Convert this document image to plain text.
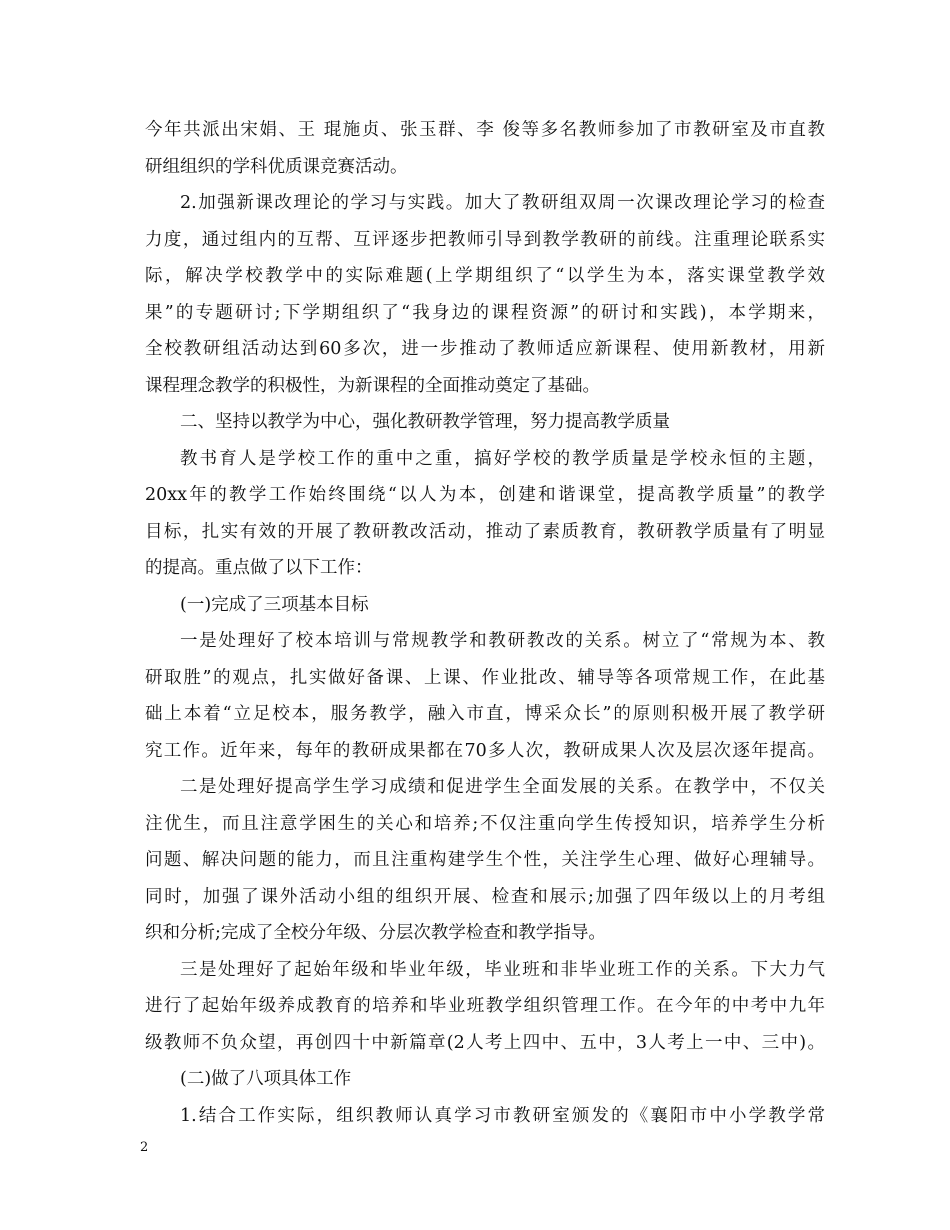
今年共派出宋娟、王 琨施贞、张玉群、李 俊等多名教师参加了市教研室及市直教
研组组织的学科优质课竞赛活动。
2.加强新课改理论的学习与实践。加大了教研组双周一次课改理论学习的检查
力度，通过组内的互帮、互评逐步把教师引导到教学教研的前线。注重理论联系实
际，解决学校教学中的实际难题(上学期组织了“以学生为本，落实课堂教学效
果”的专题研讨;下学期组织了“我身边的课程资源”的研讨和实践)，本学期来，
全校教研组活动达到60多次，进一步推动了教师适应新课程、使用新教材，用新
课程理念教学的积极性，为新课程的全面推动奠定了基础。
二、坚持以教学为中心，强化教研教学管理，努力提高教学质量
教书育人是学校工作的重中之重，搞好学校的教学质量是学校永恒的主题，
20xx年的教学工作始终围绕“以人为本，创建和谐课堂，提高教学质量”的教学
目标，扎实有效的开展了教研教改活动，推动了素质教育，教研教学质量有了明显
的提高。重点做了以下工作：
(一)完成了三项基本目标
一是处理好了校本培训与常规教学和教研教改的关系。树立了“常规为本、教
研取胜”的观点，扎实做好备课、上课、作业批改、辅导等各项常规工作，在此基
础上本着“立足校本，服务教学，融入市直，博采众长”的原则积极开展了教学研
究工作。近年来，每年的教研成果都在70多人次，教研成果人次及层次逐年提高。
二是处理好提高学生学习成绩和促进学生全面发展的关系。在教学中，不仅关
注优生，而且注意学困生的关心和培养;不仅注重向学生传授知识，培养学生分析
问题、解决问题的能力，而且注重构建学生个性，关注学生心理、做好心理辅导。
同时，加强了课外活动小组的组织开展、检查和展示;加强了四年级以上的月考组
织和分析;完成了全校分年级、分层次教学检查和教学指导。
三是处理好了起始年级和毕业年级，毕业班和非毕业班工作的关系。下大力气
进行了起始年级养成教育的培养和毕业班教学组织管理工作。在今年的中考中九年
级教师不负众望，再创四十中新篇章(2人考上四中、五中，3人考上一中、三中)。
(二)做了八项具体工作
1.结合工作实际，组织教师认真学习市教研室颁发的《襄阳市中小学教学常
2
